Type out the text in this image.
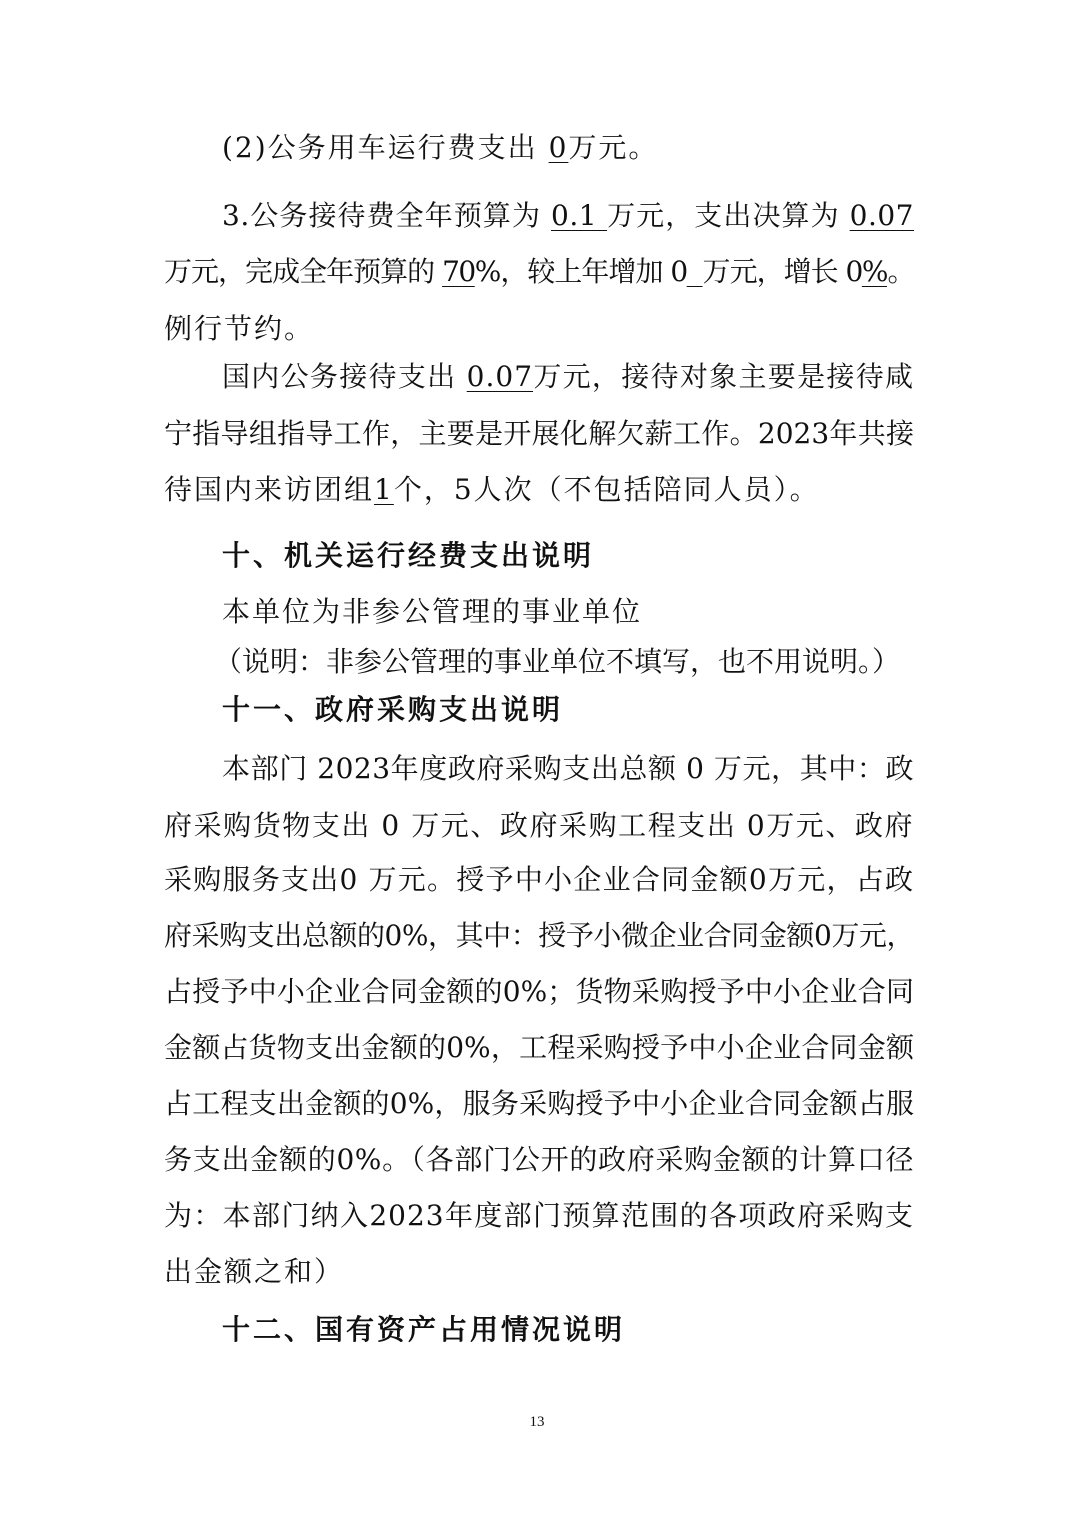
(2)公务用车运行费支出 0万元。
3.公务接待费全年预算为 0.1 万元，支出决算为 0.07
万元，完成全年预算的 70%，较上年增加 0 万元，增长 0%。
例行节约。
国内公务接待支出 0.07万元，接待对象主要是接待咸
宁指导组指导工作，主要是开展化解欠薪工作。2023年共接
待国内来访团组1个，5人次（不包括陪同人员）。
十、机关运行经费支出说明
本单位为非参公管理的事业单位
（说明：非参公管理的事业单位不填写，也不用说明。）
十一、政府采购支出说明
本部门 2023年度政府采购支出总额 0 万元，其中：政
府采购货物支出 0 万元、政府采购工程支出 0万元、政府
采购服务支出0 万元。授予中小企业合同金额0万元，占政
府采购支出总额的0%，其中：授予小微企业合同金额0万元，
占授予中小企业合同金额的0%；货物采购授予中小企业合同
金额占货物支出金额的0%，工程采购授予中小企业合同金额
占工程支出金额的0%，服务采购授予中小企业合同金额占服
务支出金额的0%。（各部门公开的政府采购金额的计算口径
为：本部门纳入2023年度部门预算范围的各项政府采购支
出金额之和）
十二、国有资产占用情况说明
13
